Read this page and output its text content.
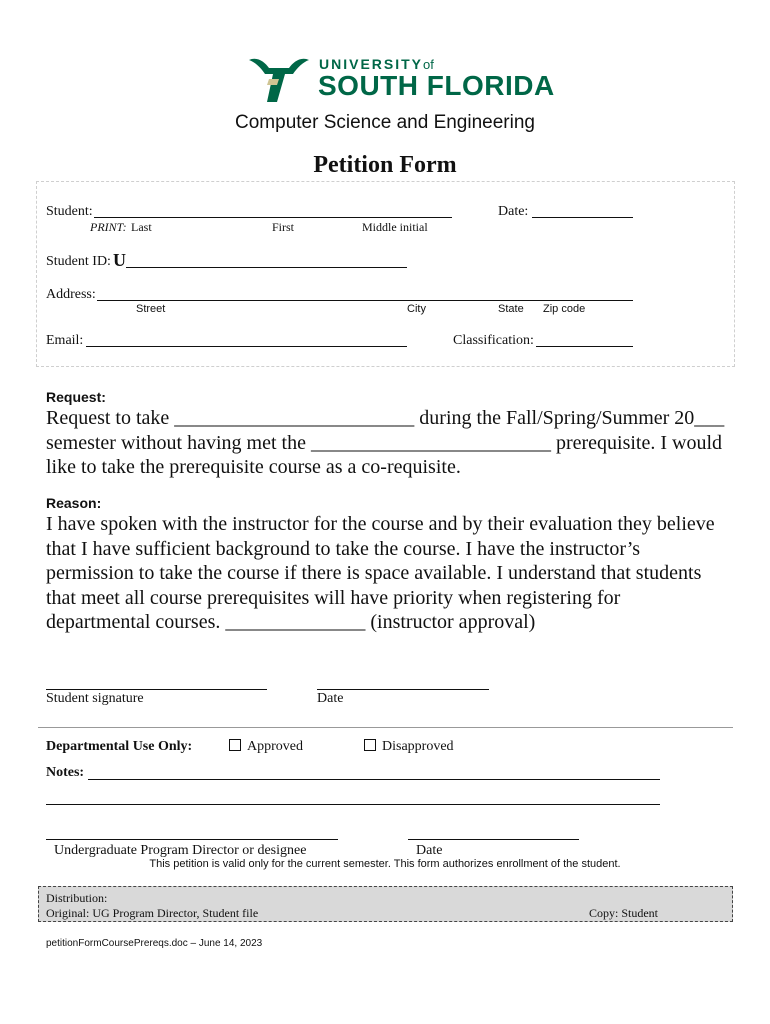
UNIVERSITYof
SOUTH FLORIDA
Computer Science and Engineering
Petition Form
Student:
PRINT: Last	First	Middle initial
Date:
Student ID: U
Address:
Street	City	State Zip code
Email:	Classification:
Request:
Request to take ________________________ during the Fall/Spring/Summer 20___
semester without having met the ________________________ prerequisite. I would
like to take the prerequisite course as a co-requisite.
Reason:
I have spoken with the instructor for the course and by their evaluation they believe
that I have sufficient background to take the course. I have the instructor’s
permission to take the course if there is space available. I understand that students
that meet all course prerequisites will have priority when registering for
departmental courses. ______________ (instructor approval)
Student signature	Date
Departmental Use Only:	Approved	Disapproved
Notes:
Undergraduate Program Director or designee	Date
This petition is valid only for the current semester. This form authorizes enrollment of the student.
Distribution:
Original: UG Program Director, Student file	Copy: Student
petitionFormCoursePrereqs.doc – June 14, 2023
